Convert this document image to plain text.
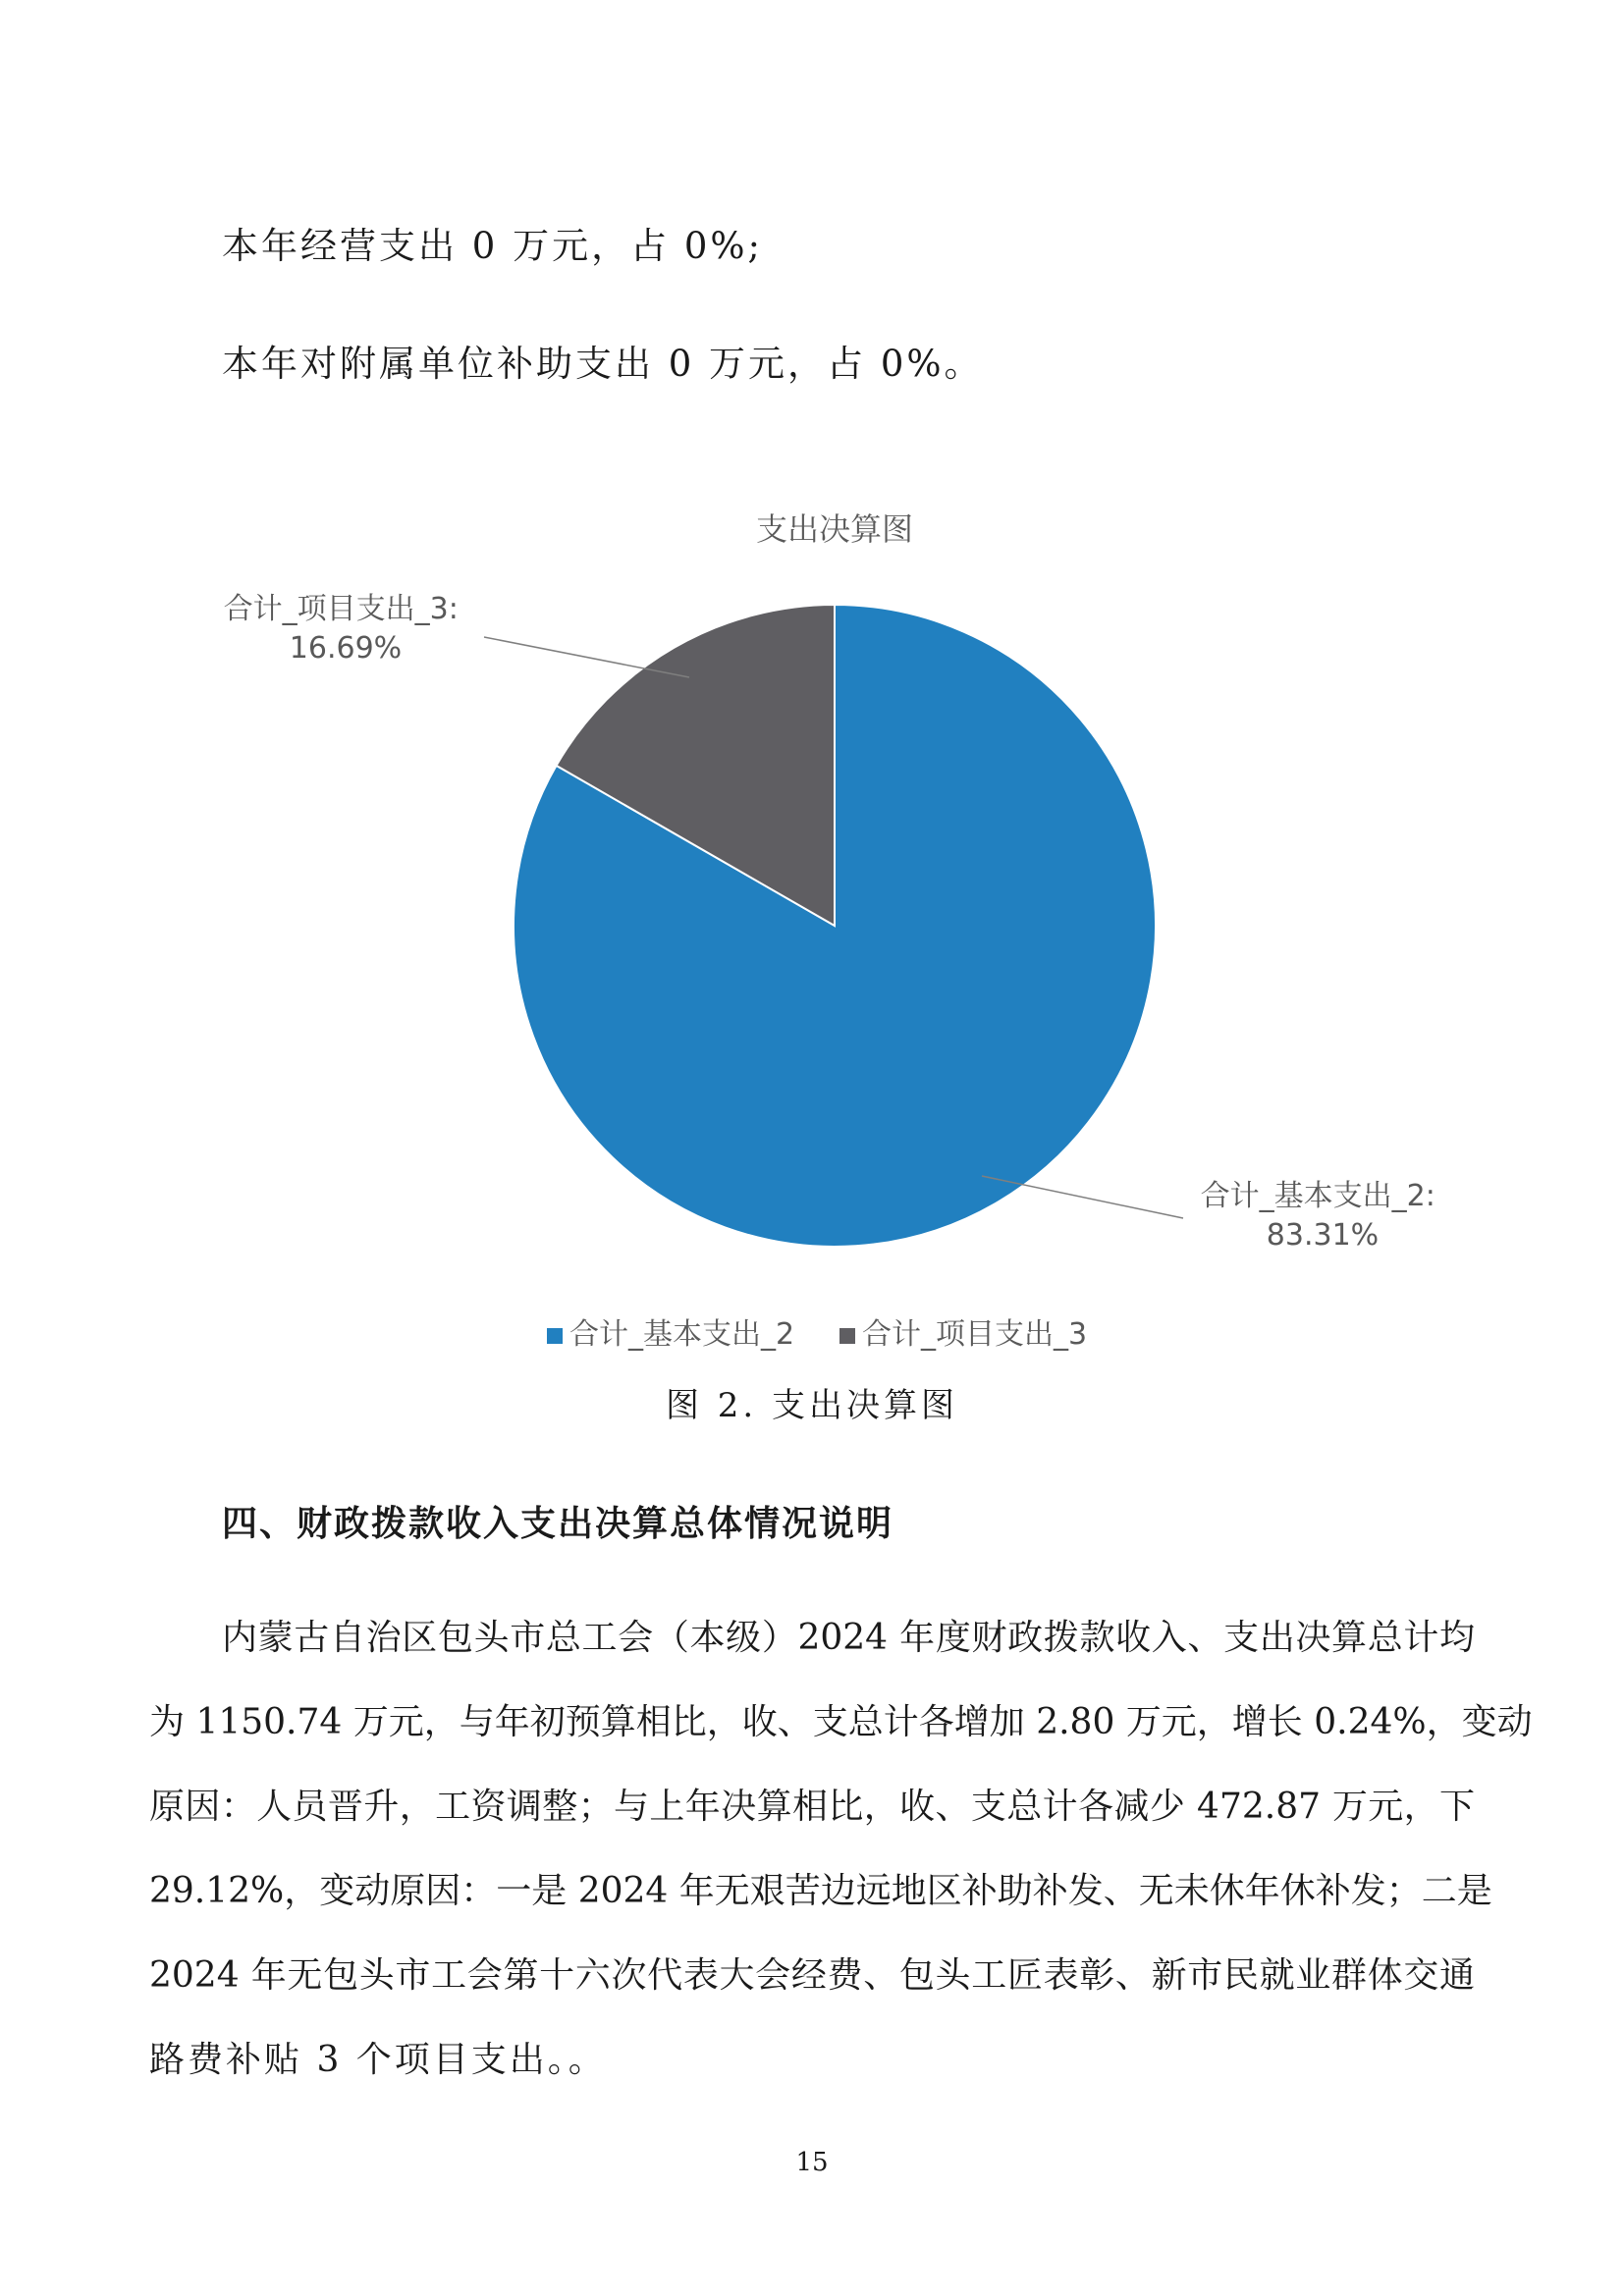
本年经营支出 0 万元，占 0%;

本年对附属单位补助支出 0 万元，占 0%。

支出决算图
合计_项目支出_3: 16.69%
合计_基本支出_2: 83.31%
合计_基本支出_2 合计_项目支出_3

图 2. 支出决算图

四、财政拨款收入支出决算总体情况说明

内蒙古自治区包头市总工会（本级）2024 年度财政拨款收入、支出决算总计均

为 1150.74 万元，与年初预算相比，收、支总计各增加 2.80 万元，增长 0.24%，变动

原因：人员晋升，工资调整；与上年决算相比，收、支总计各减少 472.87 万元，下

29.12%，变动原因：一是 2024 年无艰苦边远地区补助补发、无未休年休补发；二是

2024 年无包头市工会第十六次代表大会经费、包头工匠表彰、新市民就业群体交通

路费补贴 3 个项目支出。。

15
